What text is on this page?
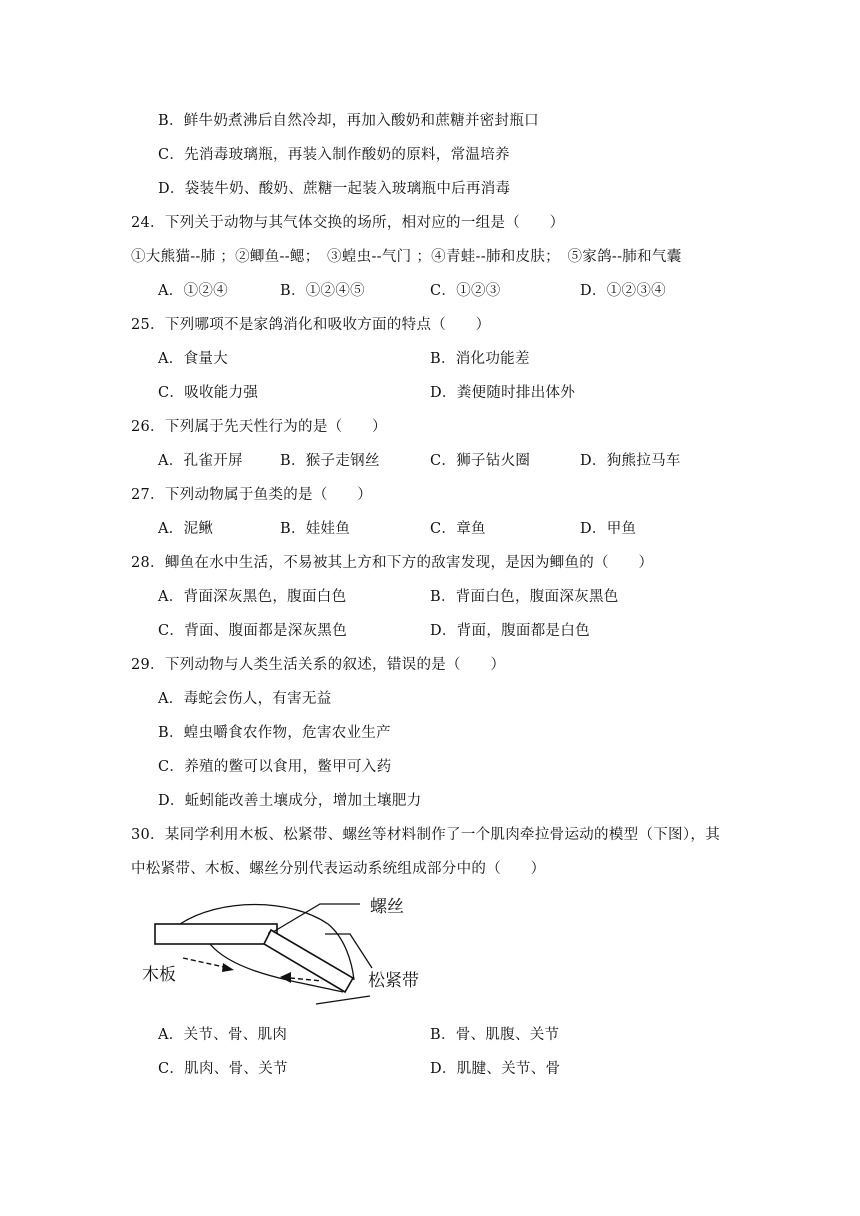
B．鲜牛奶煮沸后自然冷却，再加入酸奶和蔗糖并密封瓶口
C．先消毒玻璃瓶，再装入制作酸奶的原料，常温培养
D．袋装牛奶、酸奶、蔗糖一起装入玻璃瓶中后再消毒
24．下列关于动物与其气体交换的场所，相对应的一组是（　　）
①大熊猫--肺 ；②鲫鱼--鳃；　③蝗虫--气门 ；④青蛙--肺和皮肤；　⑤家鸽--肺和气囊
A．①②④	B．①②④⑤	C．①②③	D．①②③④
25．下列哪项不是家鸽消化和吸收方面的特点（　　）
A．食量大	B．消化功能差
C．吸收能力强	D．粪便随时排出体外
26．下列属于先天性行为的是（　　）
A．孔雀开屏	B．猴子走钢丝	C．狮子钻火圈	D．狗熊拉马车
27．下列动物属于鱼类的是（　　）
A．泥鳅	B．娃娃鱼	C．章鱼	D．甲鱼
28．鲫鱼在水中生活，不易被其上方和下方的敌害发现，是因为鲫鱼的（　　）
A．背面深灰黑色，腹面白色	B．背面白色，腹面深灰黑色
C．背面、腹面都是深灰黑色	D．背面，腹面都是白色
29．下列动物与人类生活关系的叙述，错误的是（　　）
A．毒蛇会伤人，有害无益
B．蝗虫嚼食农作物，危害农业生产
C．养殖的鳖可以食用，鳖甲可入药
D．蚯蚓能改善土壤成分，增加土壤肥力
30．某同学利用木板、松紧带、螺丝等材料制作了一个肌肉牵拉骨运动的模型（下图），其
中松紧带、木板、螺丝分别代表运动系统组成部分中的（　　）
螺丝
木板	松紧带
A．关节、骨、肌肉	B．骨、肌腹、关节
C．肌肉、骨、关节	D．肌腱、关节、骨
